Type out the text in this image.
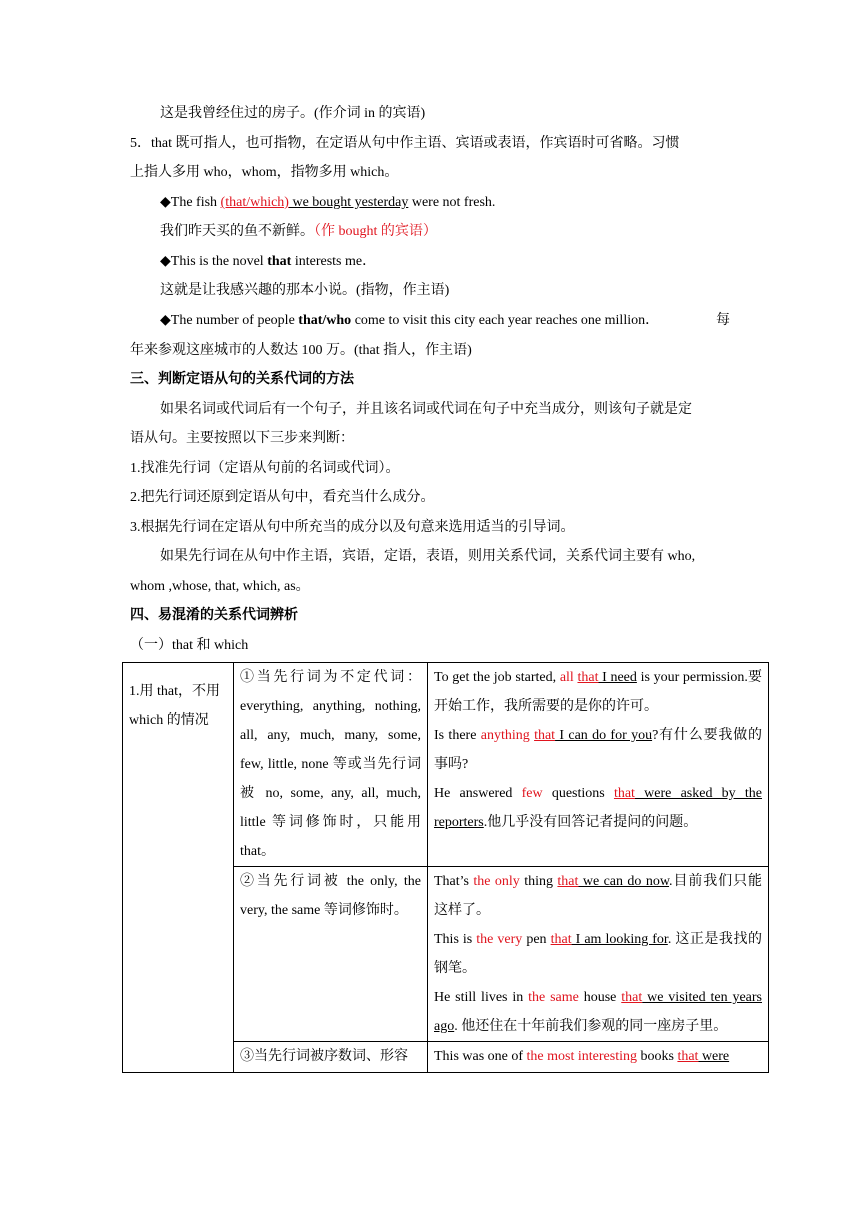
这是我曾经住过的房子。(作介词 in 的宾语)
5．that 既可指人，也可指物，在定语从句中作主语、宾语或表语，作宾语时可省略。习惯
上指人多用 who，whom，指物多用 which。
◆The fish (that/which) we bought yesterday were not fresh.
我们昨天买的鱼不新鲜。（作 bought 的宾语）
◆This is the novel that interests me．
这就是让我感兴趣的那本小说。(指物，作主语)
◆The number of people that/who come to visit this city each year reaches one million．	每
年来参观这座城市的人数达 100 万。(that 指人，作主语)
三、判断定语从句的关系代词的方法
如果名词或代词后有一个句子，并且该名词或代词在句子中充当成分，则该句子就是定
语从句。主要按照以下三步来判断：
1.找准先行词（定语从句前的名词或代词）。
2.把先行词还原到定语从句中，看充当什么成分。
3.根据先行词在定语从句中所充当的成分以及句意来选用适当的引导词。
如果先行词在从句中作主语，宾语，定语，表语，则用关系代词，关系代词主要有 who,
whom ,whose, that, which, as。
四、易混淆的关系代词辨析
（一）that 和 which
1.用 that，不用 which 的情况	①当先行词为不定代词：everything, anything, nothing, all, any, much, many, some, few, little, none 等或当先行词被 no, some, any, all, much, little 等词修饰时，只能用 that。	To get the job started, all that I need is your permission.要开始工作，我所需要的是你的许可。
Is there anything that I can do for you?有什么要我做的事吗?
He answered few questions that were asked by the reporters.他几乎没有回答记者提问的问题。

	②当先行词被 the only, the very, the same 等词修饰时。	That’s the only thing that we can do now.目前我们只能这样了。
This is the very pen that I am looking for. 这正是我找的钢笔。
He still lives in the same house that we visited ten years ago. 他还住在十年前我们参观的同一座房子里。

	③当先行词被序数词、形容	This was one of the most interesting books that were
